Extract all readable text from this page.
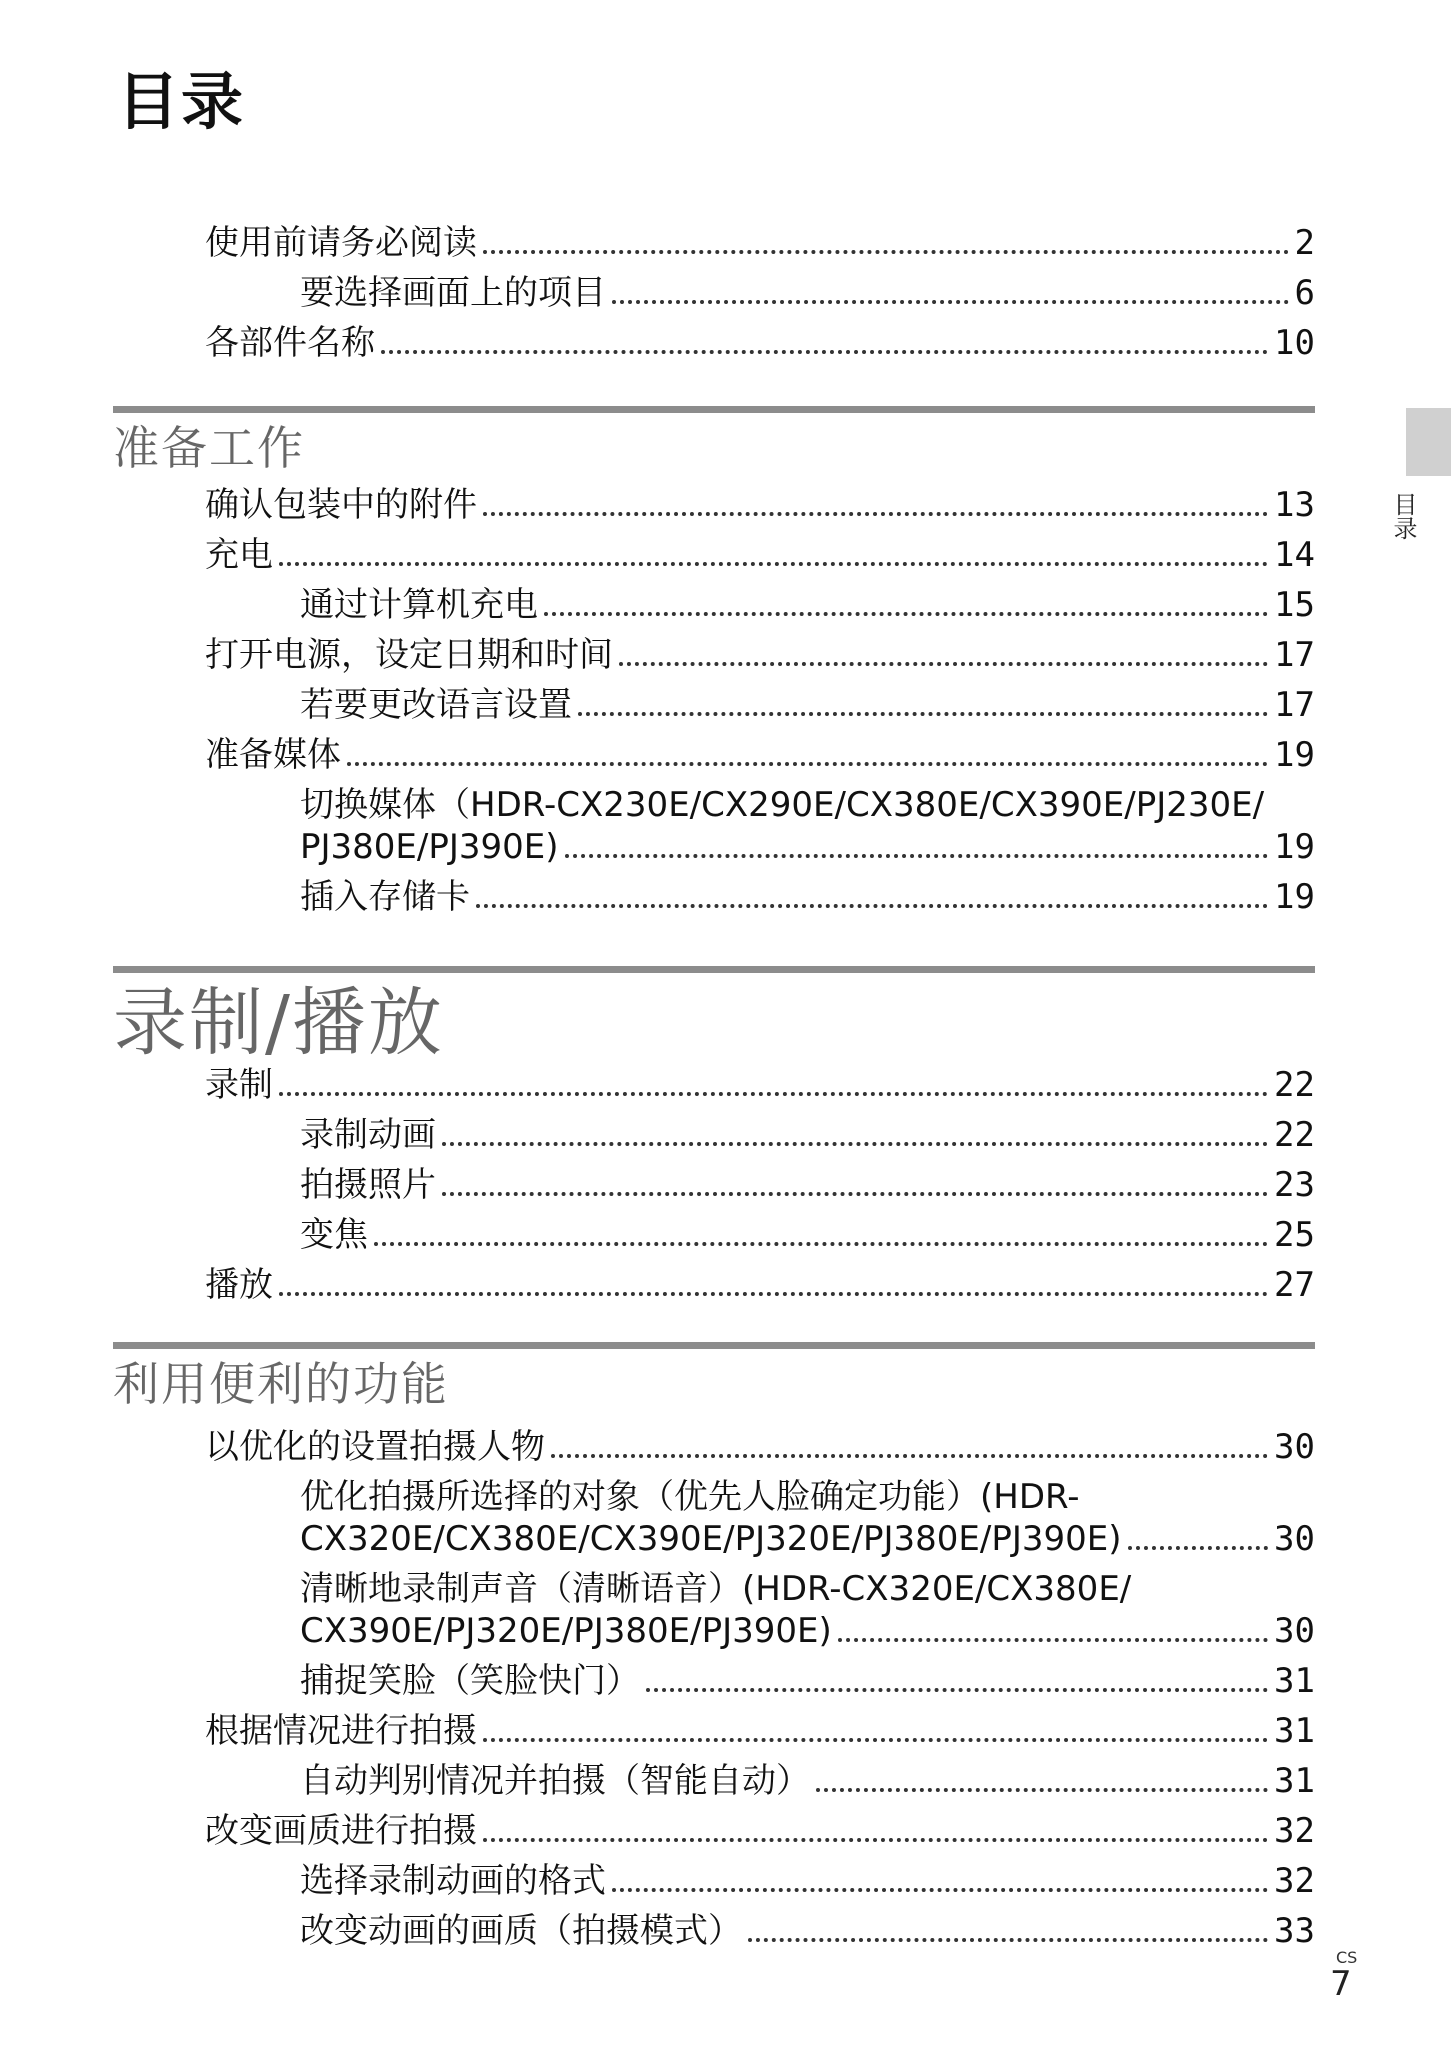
目录
目录
使用前请务必阅读	2
要选择画面上的项目	6
各部件名称	10
准备工作
确认包装中的附件	13
充电	14
通过计算机充电	15
打开电源，设定日期和时间	17
若要更改语言设置	17
准备媒体	19
切换媒体（HDR-CX230E/CX290E/CX380E/CX390E/PJ230E/
PJ380E/PJ390E)	19
插入存储卡	19
录制/播放
录制	22
录制动画	22
拍摄照片	23
变焦	25
播放	27
利用便利的功能
以优化的设置拍摄人物	30
优化拍摄所选择的对象（优先人脸确定功能）(HDR-
CX320E/CX380E/CX390E/PJ320E/PJ380E/PJ390E)	30
清晰地录制声音（清晰语音）(HDR-CX320E/CX380E/
CX390E/PJ320E/PJ380E/PJ390E)	30
捕捉笑脸（笑脸快门）	31
根据情况进行拍摄	31
自动判别情况并拍摄（智能自动）	31
改变画质进行拍摄	32
选择录制动画的格式	32
改变动画的画质（拍摄模式）	33
CS
7
